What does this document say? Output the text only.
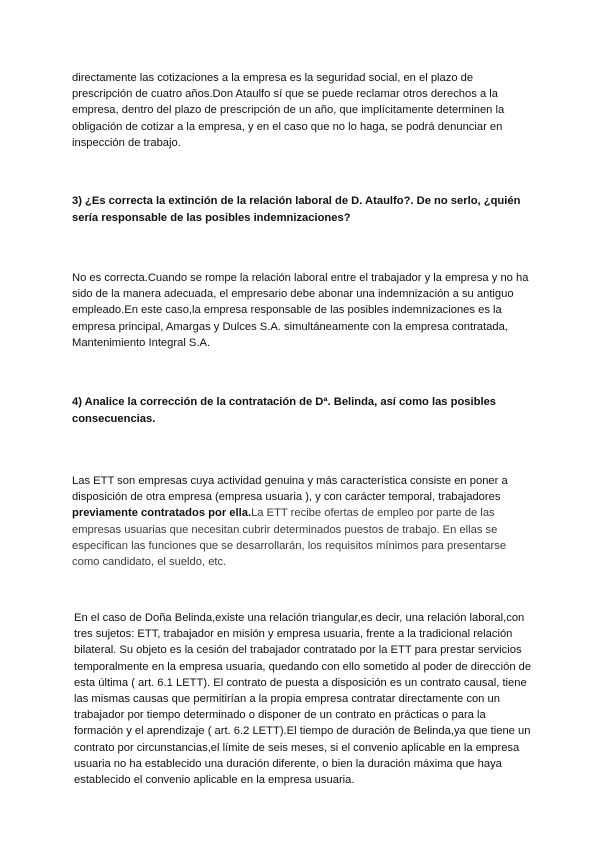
directamente las cotizaciones a la empresa es la seguridad social, en el plazo de prescripción de cuatro años.Don Ataulfo sí que se puede reclamar otros derechos a la empresa, dentro del plazo de prescripción de un año, que implícitamente determinen la obligación de cotizar a la empresa, y en el caso que no lo haga, se podrá denunciar en inspección de trabajo.

3) ¿Es correcta la extinción de la relación laboral de D. Ataulfo?. De no serlo, ¿quién sería responsable de las posibles indemnizaciones?

No es correcta.Cuando se rompe la relación laboral entre el trabajador y la empresa y no ha sido de la manera adecuada, el empresario debe abonar una indemnización a su antiguo empleado.En este caso,la empresa responsable de las posibles indemnizaciones es la empresa principal, Amargas y Dulces S.A. simultáneamente con la empresa contratada, Mantenimiento Integral S.A.

4) Analice la corrección de la contratación de Dª. Belinda, así como las posibles consecuencias.

Las ETT son empresas cuya actividad genuina y más característica consiste en poner a disposición de otra empresa (empresa usuaria ), y con carácter temporal, trabajadores previamente contratados por ella.La ETT recibe ofertas de empleo por parte de las empresas usuarias que necesitan cubrir determinados puestos de trabajo. En ellas se especifican las funciones que se desarrollarán, los requisitos mínimos para presentarse como candidato, el sueldo, etc.

En el caso de Doña Belinda,existe una relación triangular,es decir, una relación laboral,con tres sujetos: ETT, trabajador en misión y empresa usuaria, frente a la tradicional relación bilateral. Su objeto es la cesión del trabajador contratado por la ETT para prestar servicios temporalmente en la empresa usuaria, quedando con ello sometido al poder de dirección de esta última ( art. 6.1 LETT). El contrato de puesta a disposición es un contrato causal, tiene las mismas causas que permitirían a la propia empresa contratar directamente con un trabajador por tiempo determinado o disponer de un contrato en prácticas o para la formación y el aprendizaje ( art. 6.2 LETT).El tiempo de duración de Belinda,ya que tiene un contrato por circunstancias,el límite de seis meses, si el convenio aplicable en la empresa usuaria no ha establecido una duración diferente, o bien la duración máxima que haya establecido el convenio aplicable en la empresa usuaria.
